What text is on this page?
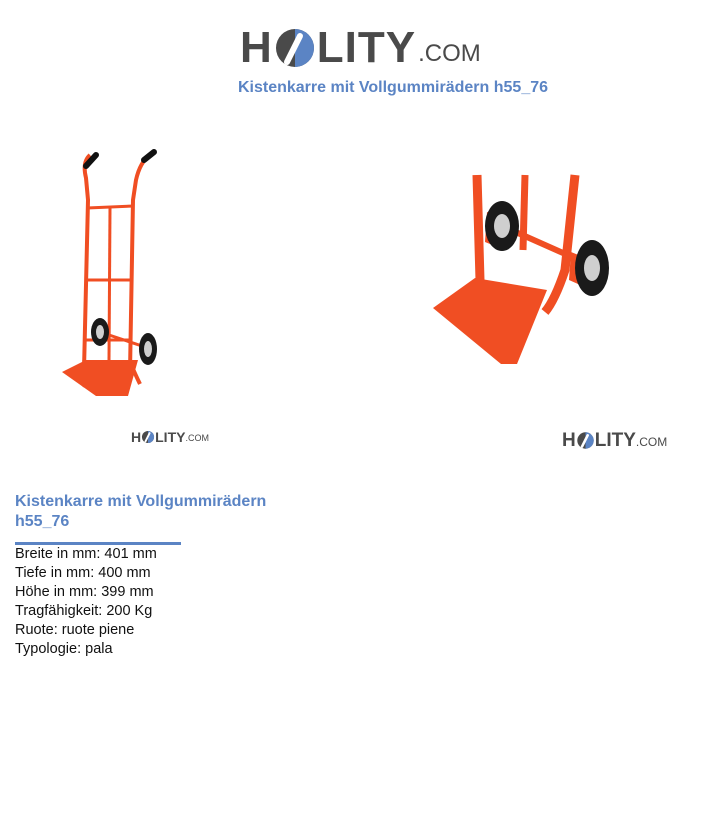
H LITY .COM
Kistenkarre mit Vollgummirädern h55_76
H LITY .COM	H LITY .COM
Kistenkarre mit Vollgummirädern h55_76
Breite in mm: 401 mm
Tiefe in mm: 400 mm
Höhe in mm: 399 mm
Tragfähigkeit: 200 Kg
Ruote: ruote piene
Typologie: pala
